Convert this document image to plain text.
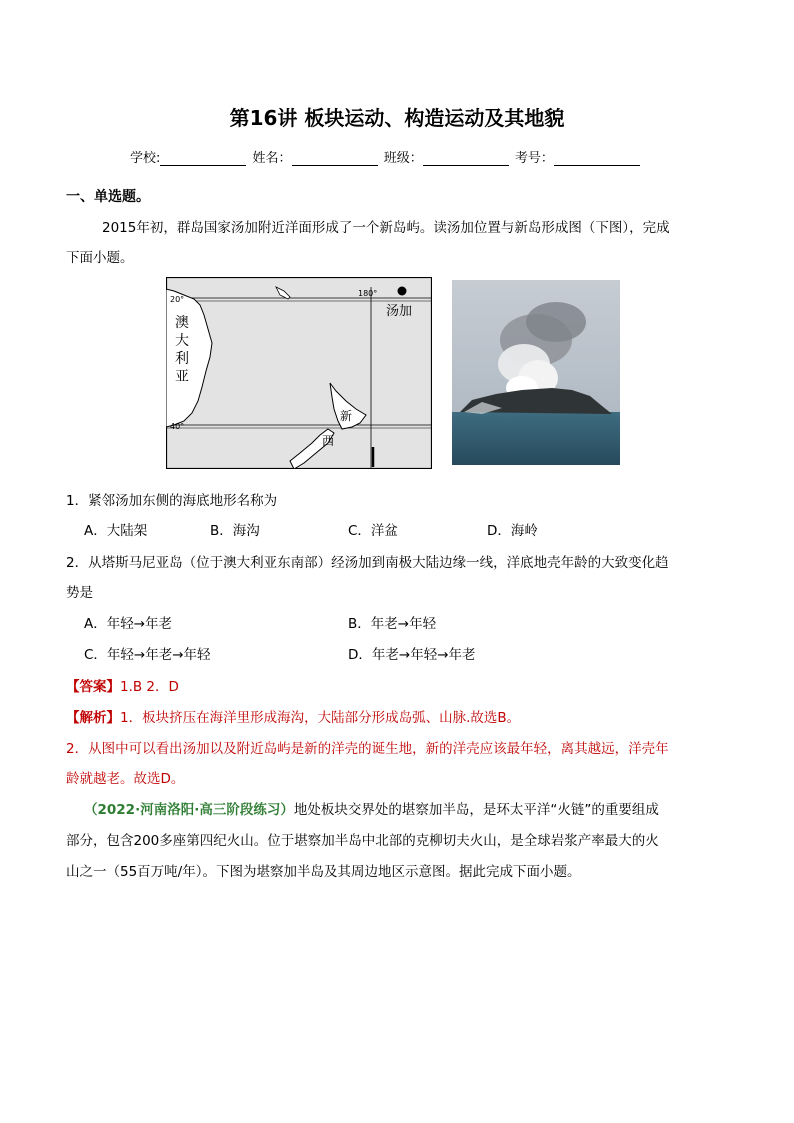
第16讲 板块运动、构造运动及其地貌
学校:	姓名：	班级：	考号：
一、单选题。
2015年初，群岛国家汤加附近洋面形成了一个新岛屿。读汤加位置与新岛形成图（下图），完成
下面小题。
20°
40°
180°
汤加
澳
大
利
亚
新
西
1．紧邻汤加东侧的海底地形名称为
A．大陆架	B．海沟	C．洋盆	D．海岭
2．从塔斯马尼亚岛（位于澳大利亚东南部）经汤加到南极大陆边缘一线，洋底地壳年龄的大致变化趋
势是
A．年轻→年老	B．年老→年轻
C．年轻→年老→年轻	D．年老→年轻→年老
【答案】1.B 2．D
【解析】1．板块挤压在海洋里形成海沟，大陆部分形成岛弧、山脉.故选B。
2．从图中可以看出汤加以及附近岛屿是新的洋壳的诞生地，新的洋壳应该最年轻，离其越远，洋壳年
龄就越老。故选D。
（2022·河南洛阳·高三阶段练习）地处板块交界处的堪察加半岛，是环太平洋“火链”的重要组成
部分，包含200多座第四纪火山。位于堪察加半岛中北部的克柳切夫火山，是全球岩浆产率最大的火
山之一（55百万吨/年）。下图为堪察加半岛及其周边地区示意图。据此完成下面小题。
